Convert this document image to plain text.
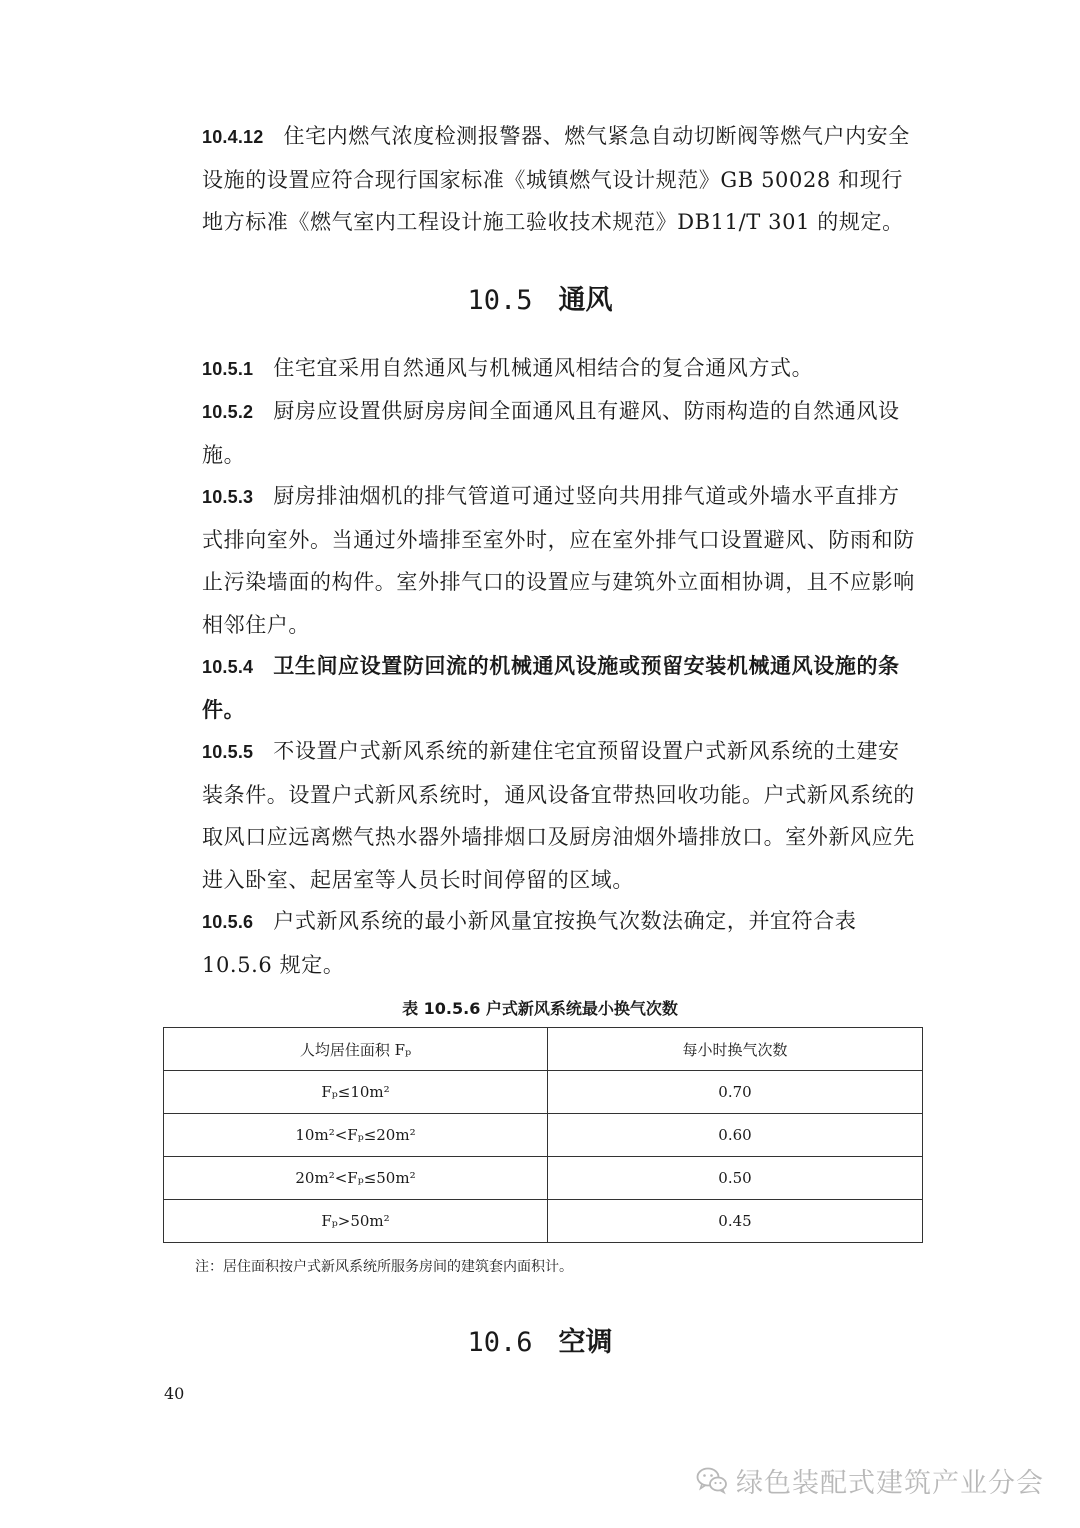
10.4.12 住宅内燃气浓度检测报警器、燃气紧急自动切断阀等燃气户内安全设施的设置应符合现行国家标准《城镇燃气设计规范》GB 50028 和现行地方标准《燃气室内工程设计施工验收技术规范》DB11/T 301 的规定。

10.5 通风

10.5.1 住宅宜采用自然通风与机械通风相结合的复合通风方式。

10.5.2 厨房应设置供厨房房间全面通风且有避风、防雨构造的自然通风设施。

10.5.3 厨房排油烟机的排气管道可通过竖向共用排气道或外墙水平直排方式排向室外。当通过外墙排至室外时，应在室外排气口设置避风、防雨和防止污染墙面的构件。室外排气口的设置应与建筑外立面相协调，且不应影响相邻住户。

10.5.4 卫生间应设置防回流的机械通风设施或预留安装机械通风设施的条件。

10.5.5 不设置户式新风系统的新建住宅宜预留设置户式新风系统的土建安装条件。设置户式新风系统时，通风设备宜带热回收功能。户式新风系统的取风口应远离燃气热水器外墙排烟口及厨房油烟外墙排放口。室外新风应先进入卧室、起居室等人员长时间停留的区域。

10.5.6 户式新风系统的最小新风量宜按换气次数法确定，并宜符合表
10.5.6 规定。

表 10.5.6 户式新风系统最小换气次数

人均居住面积 Fₚ	每小时换气次数
Fₚ≤10m²	0.70
10m²<Fₚ≤20m²	0.60
20m²<Fₚ≤50m²	0.50
Fₚ>50m²	0.45

注：居住面积按户式新风系统所服务房间的建筑套内面积计。

10.6 空调

40

绿色装配式建筑产业分会
